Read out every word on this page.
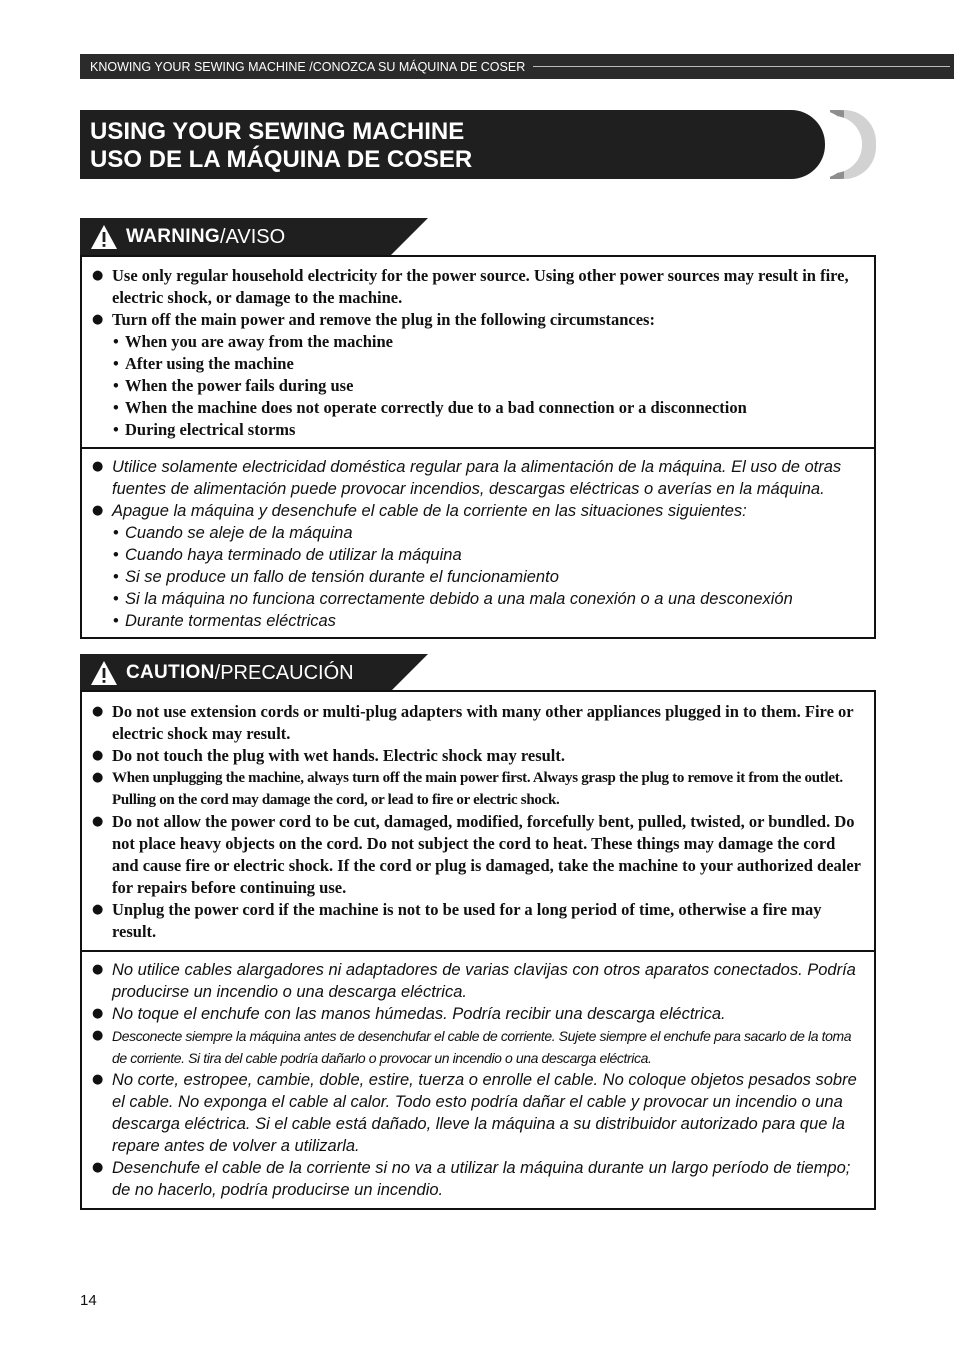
KNOWING YOUR SEWING MACHINE / CONOZCA SU MÁQUINA DE COSER
USING YOUR SEWING MACHINE
USO DE LA MÁQUINA DE COSER
WARNING /AVISO
● Use only regular household electricity for the power source. Using other power sources may result in fire, electric shock, or damage to the machine.
● Turn off the main power and remove the plug in the following circumstances:
• When you are away from the machine
• After using the machine
• When the power fails during use
• When the machine does not operate correctly due to a bad connection or a disconnection
• During electrical storms
● Utilice solamente electricidad doméstica regular para la alimentación de la máquina. El uso de otras fuentes de alimentación puede provocar incendios, descargas eléctricas o averías en la máquina.
● Apague la máquina y desenchufe el cable de la corriente en las situaciones siguientes:
• Cuando se aleje de la máquina
• Cuando haya terminado de utilizar la máquina
• Si se produce un fallo de tensión durante el funcionamiento
• Si la máquina no funciona correctamente debido a una mala conexión o a una desconexión
• Durante tormentas eléctricas
CAUTION /PRECAUCIÓN
● Do not use extension cords or multi-plug adapters with many other appliances plugged in to them. Fire or electric shock may result.
● Do not touch the plug with wet hands. Electric shock may result.
● When unplugging the machine, always turn off the main power first. Always grasp the plug to remove it from the outlet. Pulling on the cord may damage the cord, or lead to fire or electric shock.
● Do not allow the power cord to be cut, damaged, modified, forcefully bent, pulled, twisted, or bundled. Do not place heavy objects on the cord. Do not subject the cord to heat. These things may damage the cord and cause fire or electric shock. If the cord or plug is damaged, take the machine to your authorized dealer for repairs before continuing use.
● Unplug the power cord if the machine is not to be used for a long period of time, otherwise a fire may result.
● No utilice cables alargadores ni adaptadores de varias clavijas con otros aparatos conectados. Podría producirse un incendio o una descarga eléctrica.
● No toque el enchufe con las manos húmedas. Podría recibir una descarga eléctrica.
● Desconecte siempre la máquina antes de desenchufar el cable de corriente. Sujete siempre el enchufe para sacarlo de la toma de corriente. Si tira del cable podría dañarlo o provocar un incendio o una descarga eléctrica.
● No corte, estropee, cambie, doble, estire, tuerza o enrolle el cable. No coloque objetos pesados sobre el cable. No exponga el cable al calor. Todo esto podría dañar el cable y provocar un incendio o una descarga eléctrica. Si el cable está dañado, lleve la máquina a su distribuidor autorizado para que la repare antes de volver a utilizarla.
● Desenchufe el cable de la corriente si no va a utilizar la máquina durante un largo período de tiempo; de no hacerlo, podría producirse un incendio.
14
